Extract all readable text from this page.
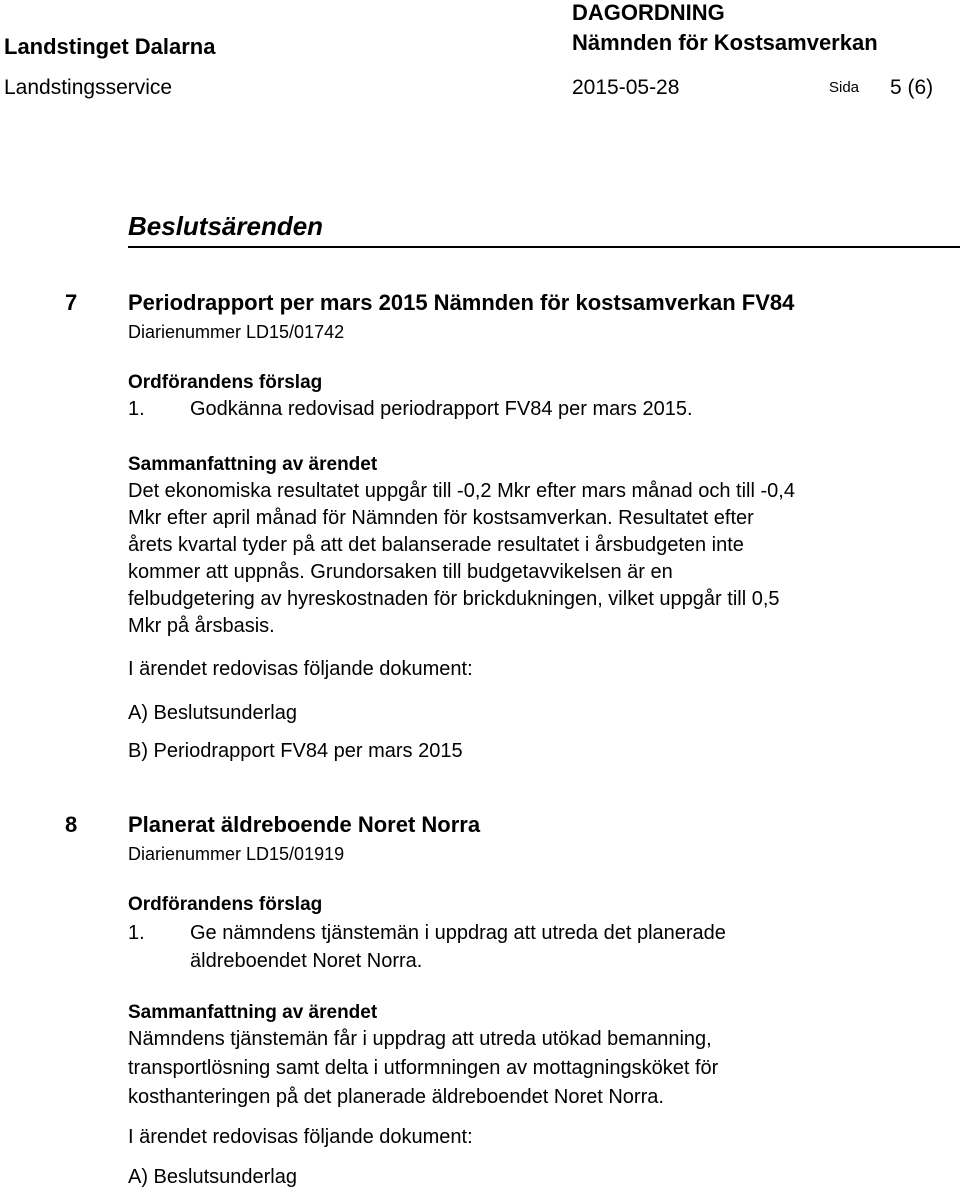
Landstinget Dalarna
DAGORDNING
Nämnden för Kostsamverkan
Landstingsservice	2015-05-28	Sida 5 (6)
Beslutsärenden
7 Periodrapport per mars 2015 Nämnden för kostsamverkan FV84
Diarienummer LD15/01742
Ordförandens förslag
1. Godkänna redovisad periodrapport FV84 per mars 2015.
Sammanfattning av ärendet
Det ekonomiska resultatet uppgår till -0,2 Mkr efter mars månad och till -0,4
Mkr efter april månad för Nämnden för kostsamverkan. Resultatet efter
årets kvartal tyder på att det balanserade resultatet i årsbudgeten inte
kommer att uppnås. Grundorsaken till budgetavvikelsen är en
felbudgetering av hyreskostnaden för brickdukningen, vilket uppgår till 0,5
Mkr på årsbasis.
I ärendet redovisas följande dokument:
A) Beslutsunderlag
B) Periodrapport FV84 per mars 2015
8 Planerat äldreboende Noret Norra
Diarienummer LD15/01919
Ordförandens förslag
1. Ge nämndens tjänstemän i uppdrag att utreda det planerade
äldreboendet Noret Norra.
Sammanfattning av ärendet
Nämndens tjänstemän får i uppdrag att utreda utökad bemanning,
transportlösning samt delta i utformningen av mottagningsköket för
kosthanteringen på det planerade äldreboendet Noret Norra.
I ärendet redovisas följande dokument:
A) Beslutsunderlag
